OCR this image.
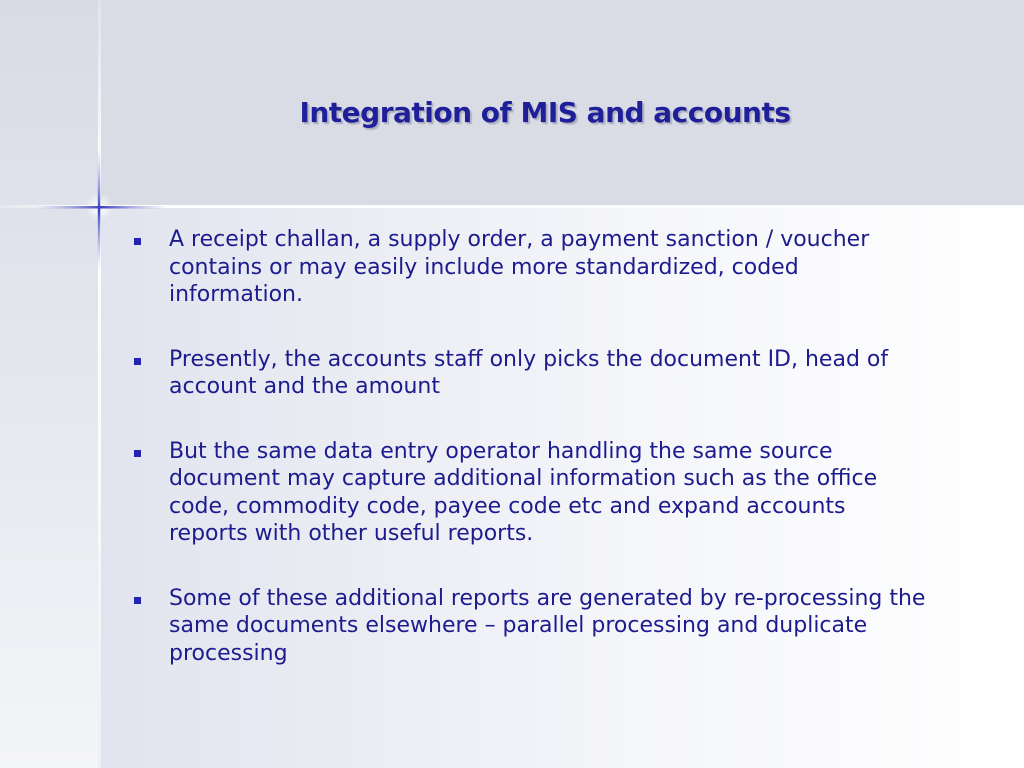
Integration of MIS and accounts
A receipt challan, a supply order, a payment sanction / voucher contains or may easily include more standardized, coded information.
Presently, the accounts staff only picks the document ID, head of account and the amount
But the same data entry operator handling the same source document may capture additional information such as the office code, commodity code, payee code etc and expand accounts reports with other useful reports.
Some of these additional reports are generated by re-processing the same documents elsewhere – parallel processing and duplicate processing
